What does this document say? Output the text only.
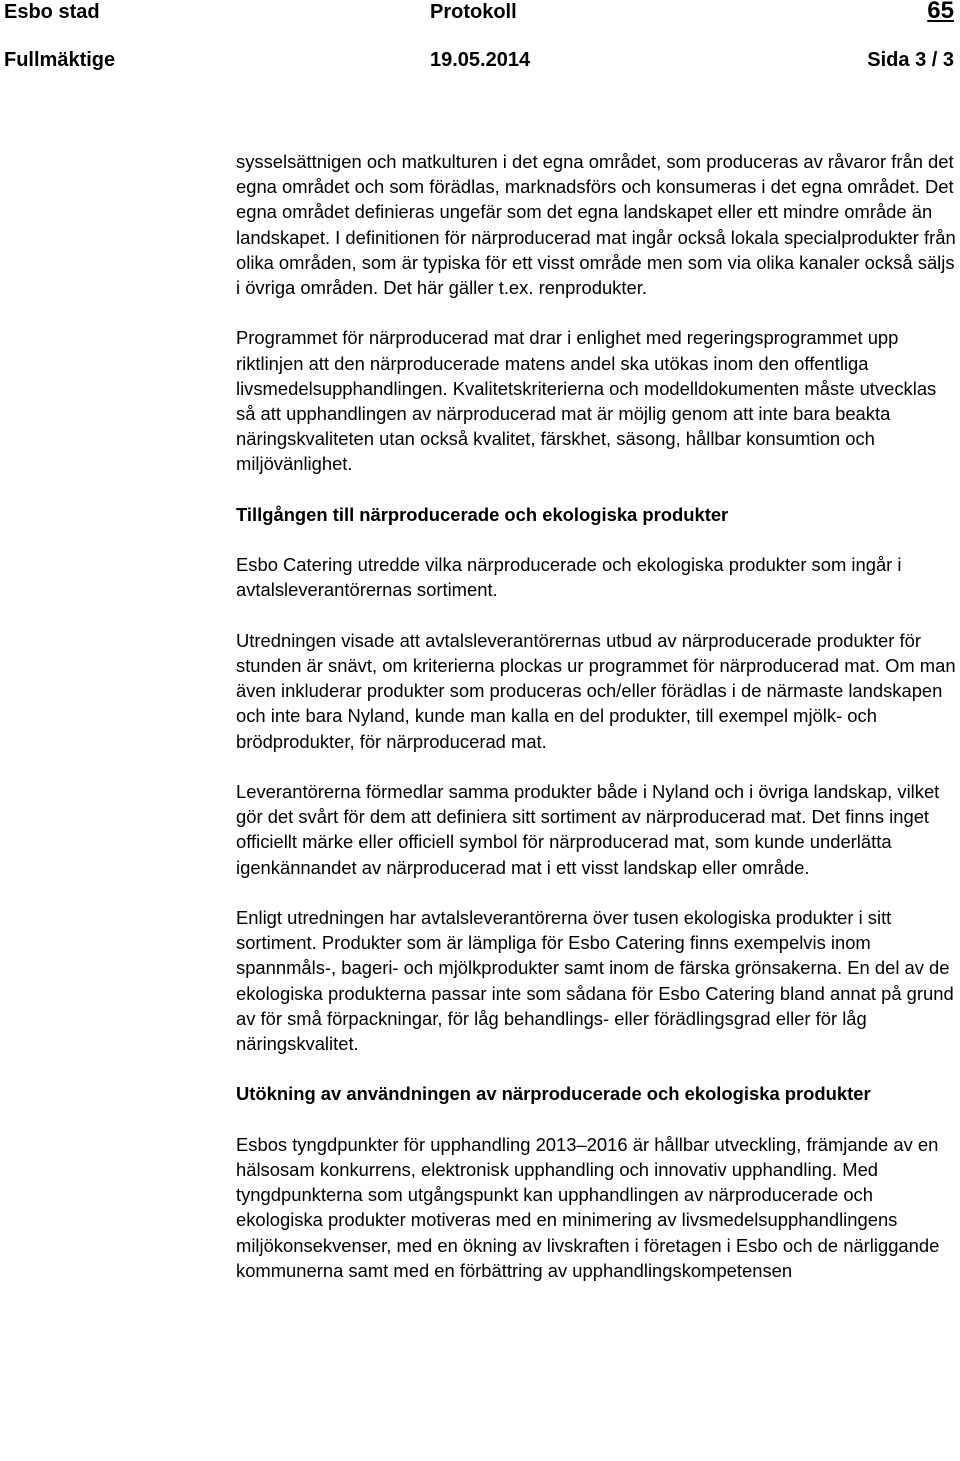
Esbo stad	Protokoll	65
Fullmäktige	19.05.2014	Sida 3 / 3

sysselsättnigen och matkulturen i det egna området, som produceras av råvaror från det egna området och som förädlas, marknadsförs och konsumeras i det egna området. Det egna området definieras ungefär som det egna landskapet eller ett mindre område än landskapet. I definitionen för närproducerad mat ingår också lokala specialprodukter från olika områden, som är typiska för ett visst område men som via olika kanaler också säljs i övriga områden. Det här gäller t.ex. renprodukter.

Programmet för närproducerad mat drar i enlighet med regeringsprogrammet upp riktlinjen att den närproducerade matens andel ska utökas inom den offentliga livsmedelsupphandlingen. Kvalitetskriterierna och modelldokumenten måste utvecklas så att upphandlingen av närproducerad mat är möjlig genom att inte bara beakta näringskvaliteten utan också kvalitet, färskhet, säsong, hållbar konsumtion och miljövänlighet.

Tillgången till närproducerade och ekologiska produkter

Esbo Catering utredde vilka närproducerade och ekologiska produkter som ingår i avtalsleverantörernas sortiment.

Utredningen visade att avtalsleverantörernas utbud av närproducerade produkter för stunden är snävt, om kriterierna plockas ur programmet för närproducerad mat. Om man även inkluderar produkter som produceras och/eller förädlas i de närmaste landskapen och inte bara Nyland, kunde man kalla en del produkter, till exempel mjölk- och brödprodukter, för närproducerad mat.

Leverantörerna förmedlar samma produkter både i Nyland och i övriga landskap, vilket gör det svårt för dem att definiera sitt sortiment av närproducerad mat. Det finns inget officiellt märke eller officiell symbol för närproducerad mat, som kunde underlätta igenkännandet av närproducerad mat i ett visst landskap eller område.

Enligt utredningen har avtalsleverantörerna över tusen ekologiska produkter i sitt sortiment. Produkter som är lämpliga för Esbo Catering finns exempelvis inom spannmåls-, bageri- och mjölkprodukter samt inom de färska grönsakerna. En del av de ekologiska produkterna passar inte som sådana för Esbo Catering bland annat på grund av för små förpackningar, för låg behandlings- eller förädlingsgrad eller för låg näringskvalitet.

Utökning av användningen av närproducerade och ekologiska produkter

Esbos tyngdpunkter för upphandling 2013–2016 är hållbar utveckling, främjande av en hälsosam konkurrens, elektronisk upphandling och innovativ upphandling. Med tyngdpunkterna som utgångspunkt kan upphandlingen av närproducerade och ekologiska produkter motiveras med en minimering av livsmedelsupphandlingens miljökonsekvenser, med en ökning av livskraften i företagen i Esbo och de närliggande kommunerna samt med en förbättring av upphandlingskompetensen
